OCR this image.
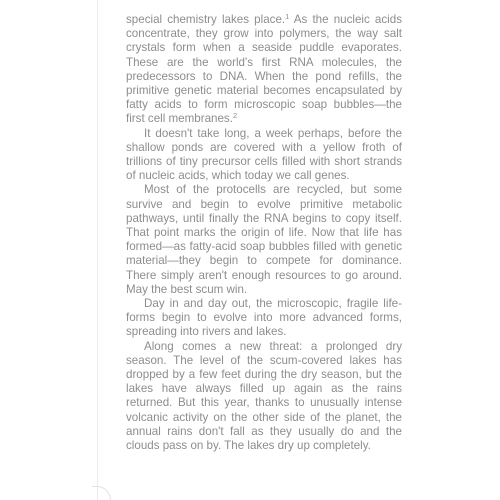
special chemistry lakes place.$^1$ As the nucleic acids concentrate, they grow into polymers, the way salt crystals form when a seaside puddle evaporates. These are the world's first RNA molecules, the predecessors to DNA. When the pond refills, the primitive genetic material becomes encapsulated by fatty acids to form microscopic soap bubbles—the first cell membranes.$^2$

It doesn't take long, a week perhaps, before the shallow ponds are covered with a yellow froth of trillions of tiny precursor cells filled with short strands of nucleic acids, which today we call genes.

Most of the protocells are recycled, but some survive and begin to evolve primitive metabolic pathways, until finally the RNA begins to copy itself. That point marks the origin of life. Now that life has formed—as fatty-acid soap bubbles filled with genetic material—they begin to compete for dominance. There simply aren't enough resources to go around. May the best scum win.

Day in and day out, the microscopic, fragile life-forms begin to evolve into more advanced forms, spreading into rivers and lakes.

Along comes a new threat: a prolonged dry season. The level of the scum-covered lakes has dropped by a few feet during the dry season, but the lakes have always filled up again as the rains returned. But this year, thanks to unusually intense volcanic activity on the other side of the planet, the annual rains don't fall as they usually do and the clouds pass on by. The lakes dry up completely.
